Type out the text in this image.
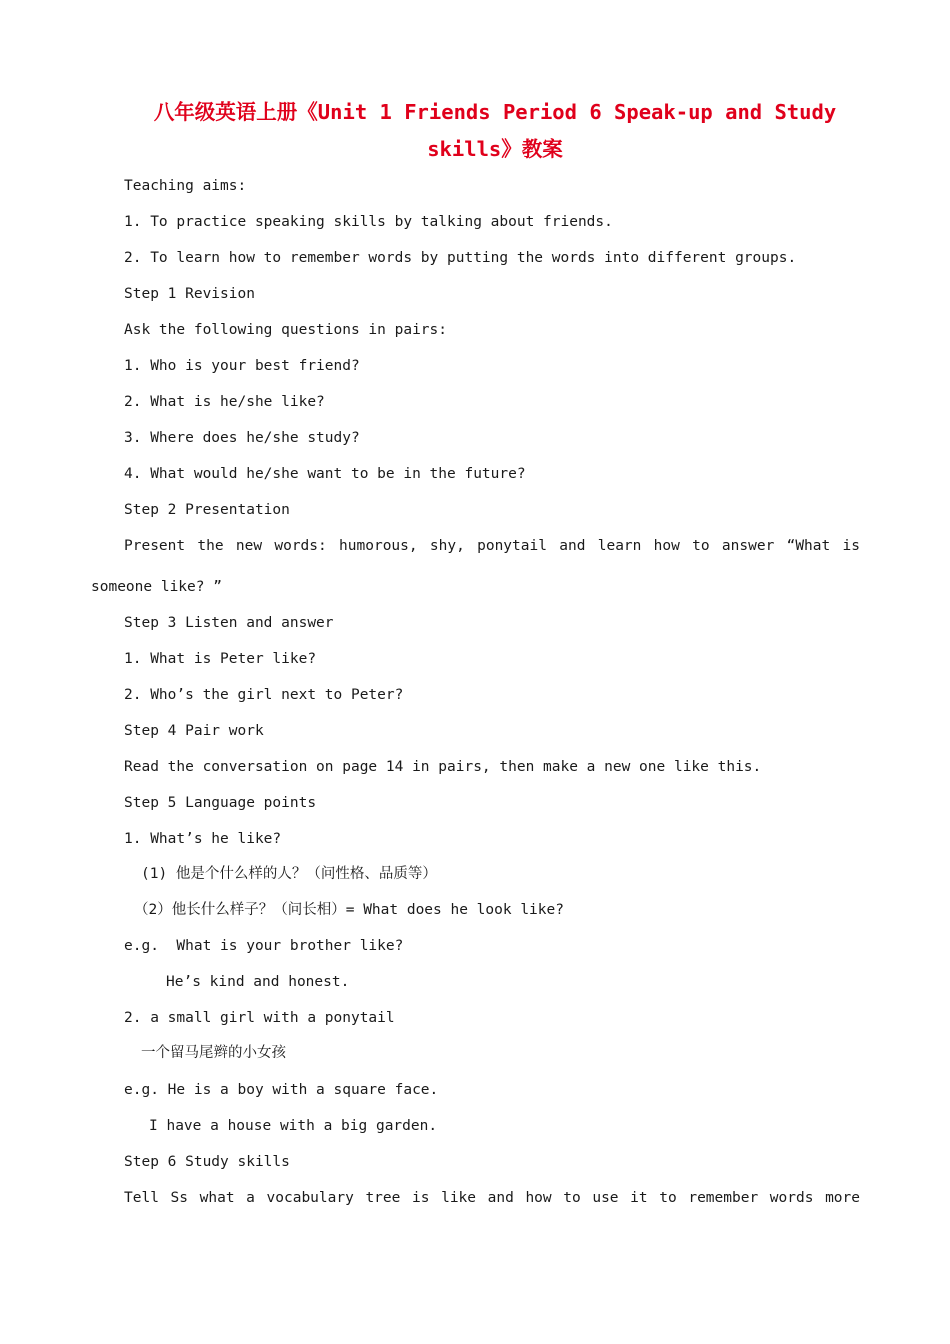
八年级英语上册《Unit 1 Friends Period 6 Speak-up and Study
skills》教案
Teaching aims:
1. To practice speaking skills by talking about friends.
2. To learn how to remember words by putting the words into different groups.
Step 1 Revision
Ask the following questions in pairs:
1. Who is your best friend?
2. What is he/she like?
3. Where does he/she study?
4. What would he/she want to be in the future?
Step 2 Presentation
Present the new words: humorous, shy, ponytail and learn how to answer “What is
someone like? ”
Step 3 Listen and answer
1. What is Peter like?
2. Who’s the girl next to Peter?
Step 4 Pair work
Read the conversation on page 14 in pairs, then make a new one like this.
Step 5 Language points
1. What’s he like?
(1) 他是个什么样的人？（问性格、品质等）
（2）他长什么样子？（问长相）= What does he look like?
e.g.  What is your brother like?
He’s kind and honest.
2. a small girl with a ponytail
一个留马尾辫的小女孩
e.g. He is a boy with a square face.
I have a house with a big garden.
Step 6 Study skills
Tell Ss what a vocabulary tree is like and how to use it to remember words more
